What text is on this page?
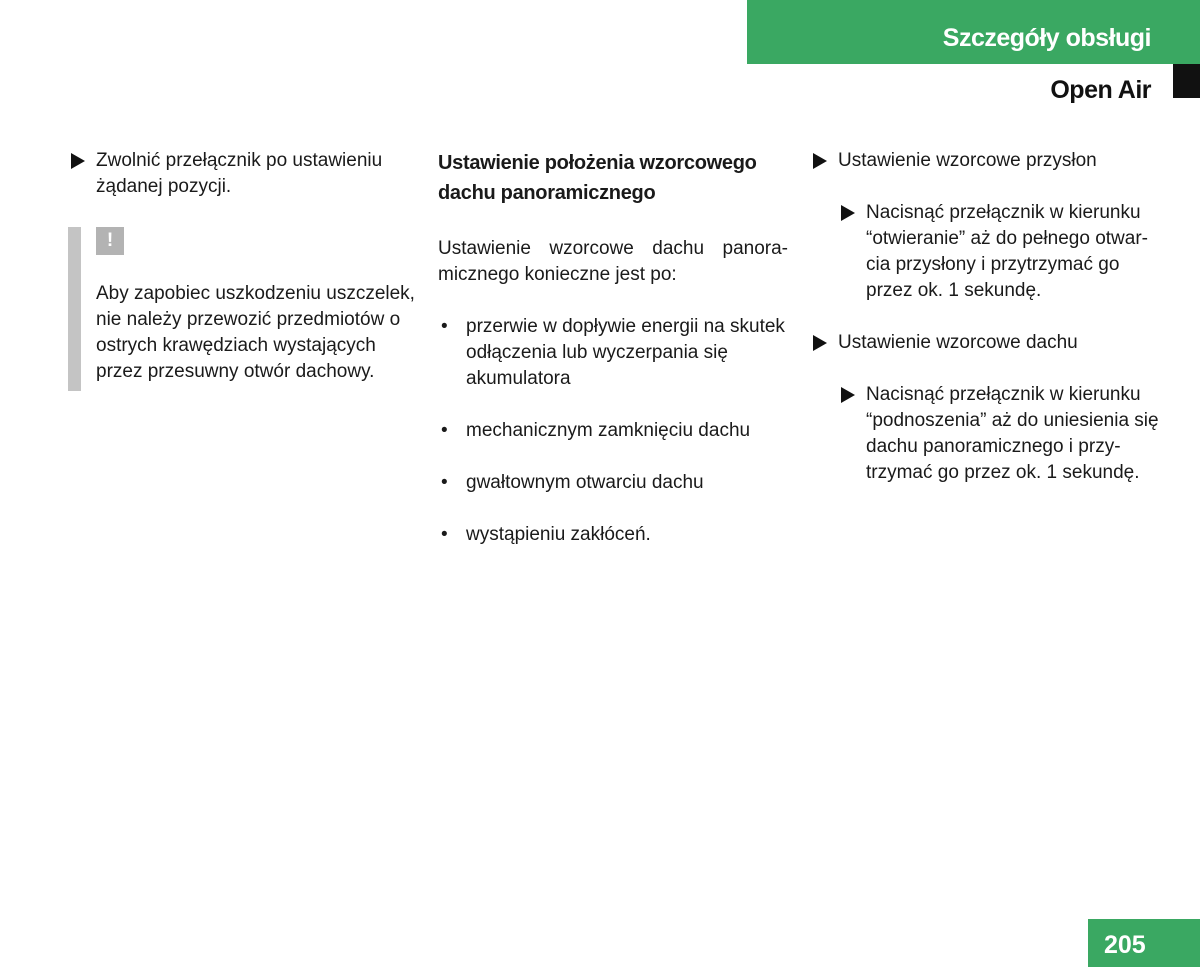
Szczegóły obsługi
Open Air
Zwolnić przełącznik po ustawieniu żądanej pozycji.
!

Aby zapobiec uszkodzeniu uszczelek, nie należy przewozić przedmiotów o ostrych krawędziach wystających przez przesuwny otwór dachowy.

Ustawienie położenia wzorcowego dachu panoramicznego

Ustawienie wzorcowe dachu panoramicznego konieczne jest po:

• przerwie w dopływie energii na skutek odłączenia lub wyczerpania się akumulatora
• mechanicznym zamknięciu dachu
• gwałtownym otwarciu dachu
• wystąpieniu zakłóceń.
Ustawienie wzorcowe przysłon
Nacisnąć przełącznik w kierunku “otwieranie” aż do pełnego otwarcia przysłony i przytrzymać go przez ok. 1 sekundę.
Ustawienie wzorcowe dachu
Nacisnąć przełącznik w kierunku “podnoszenia” aż do uniesienia się dachu panoramicznego i przytrzymać go przez ok. 1 sekundę.
205
